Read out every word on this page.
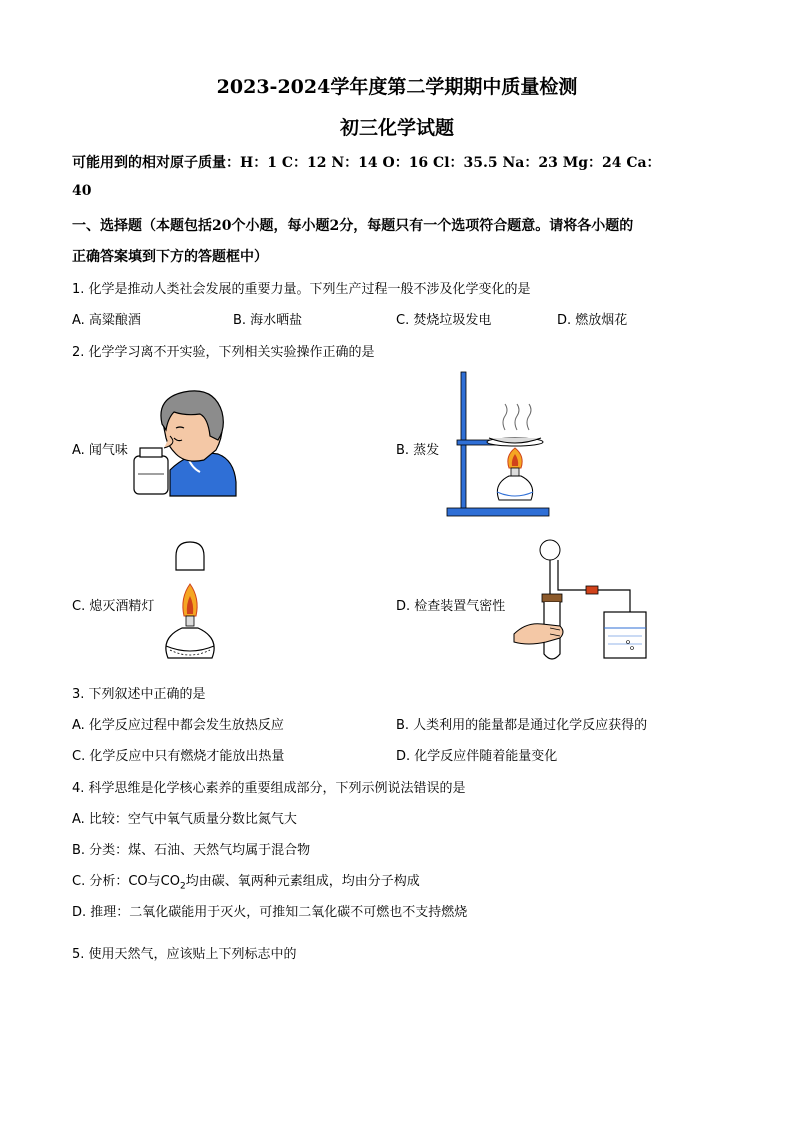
2023-2024学年度第二学期期中质量检测
初三化学试题
可能用到的相对原子质量：H：1 C：12 N：14 O：16 Cl：35.5 Na：23 Mg：24 Ca：
40
一、选择题（本题包括20个小题，每小题2分，每题只有一个选项符合题意。请将各小题的
正确答案填到下方的答题框中）
1. 化学是推动人类社会发展的重要力量。下列生产过程一般不涉及化学变化的是
A. 高粱酿酒	B. 海水晒盐	C. 焚烧垃圾发电	D. 燃放烟花
2. 化学学习离不开实验，下列相关实验操作正确的是
A. 闻气味	B. 蒸发
C. 熄灭酒精灯	D. 检查装置气密性
3. 下列叙述中正确的是
A. 化学反应过程中都会发生放热反应	B. 人类利用的能量都是通过化学反应获得的
C. 化学反应中只有燃烧才能放出热量	D. 化学反应伴随着能量变化
4. 科学思维是化学核心素养的重要组成部分，下列示例说法错误的是
A. 比较：空气中氧气质量分数比氮气大
B. 分类：煤、石油、天然气均属于混合物
C. 分析：CO与$CO_2$均由碳、氧两种元素组成，均由分子构成
D. 推理：二氧化碳能用于灭火，可推知二氧化碳不可燃也不支持燃烧
5. 使用天然气，应该贴上下列标志中的
